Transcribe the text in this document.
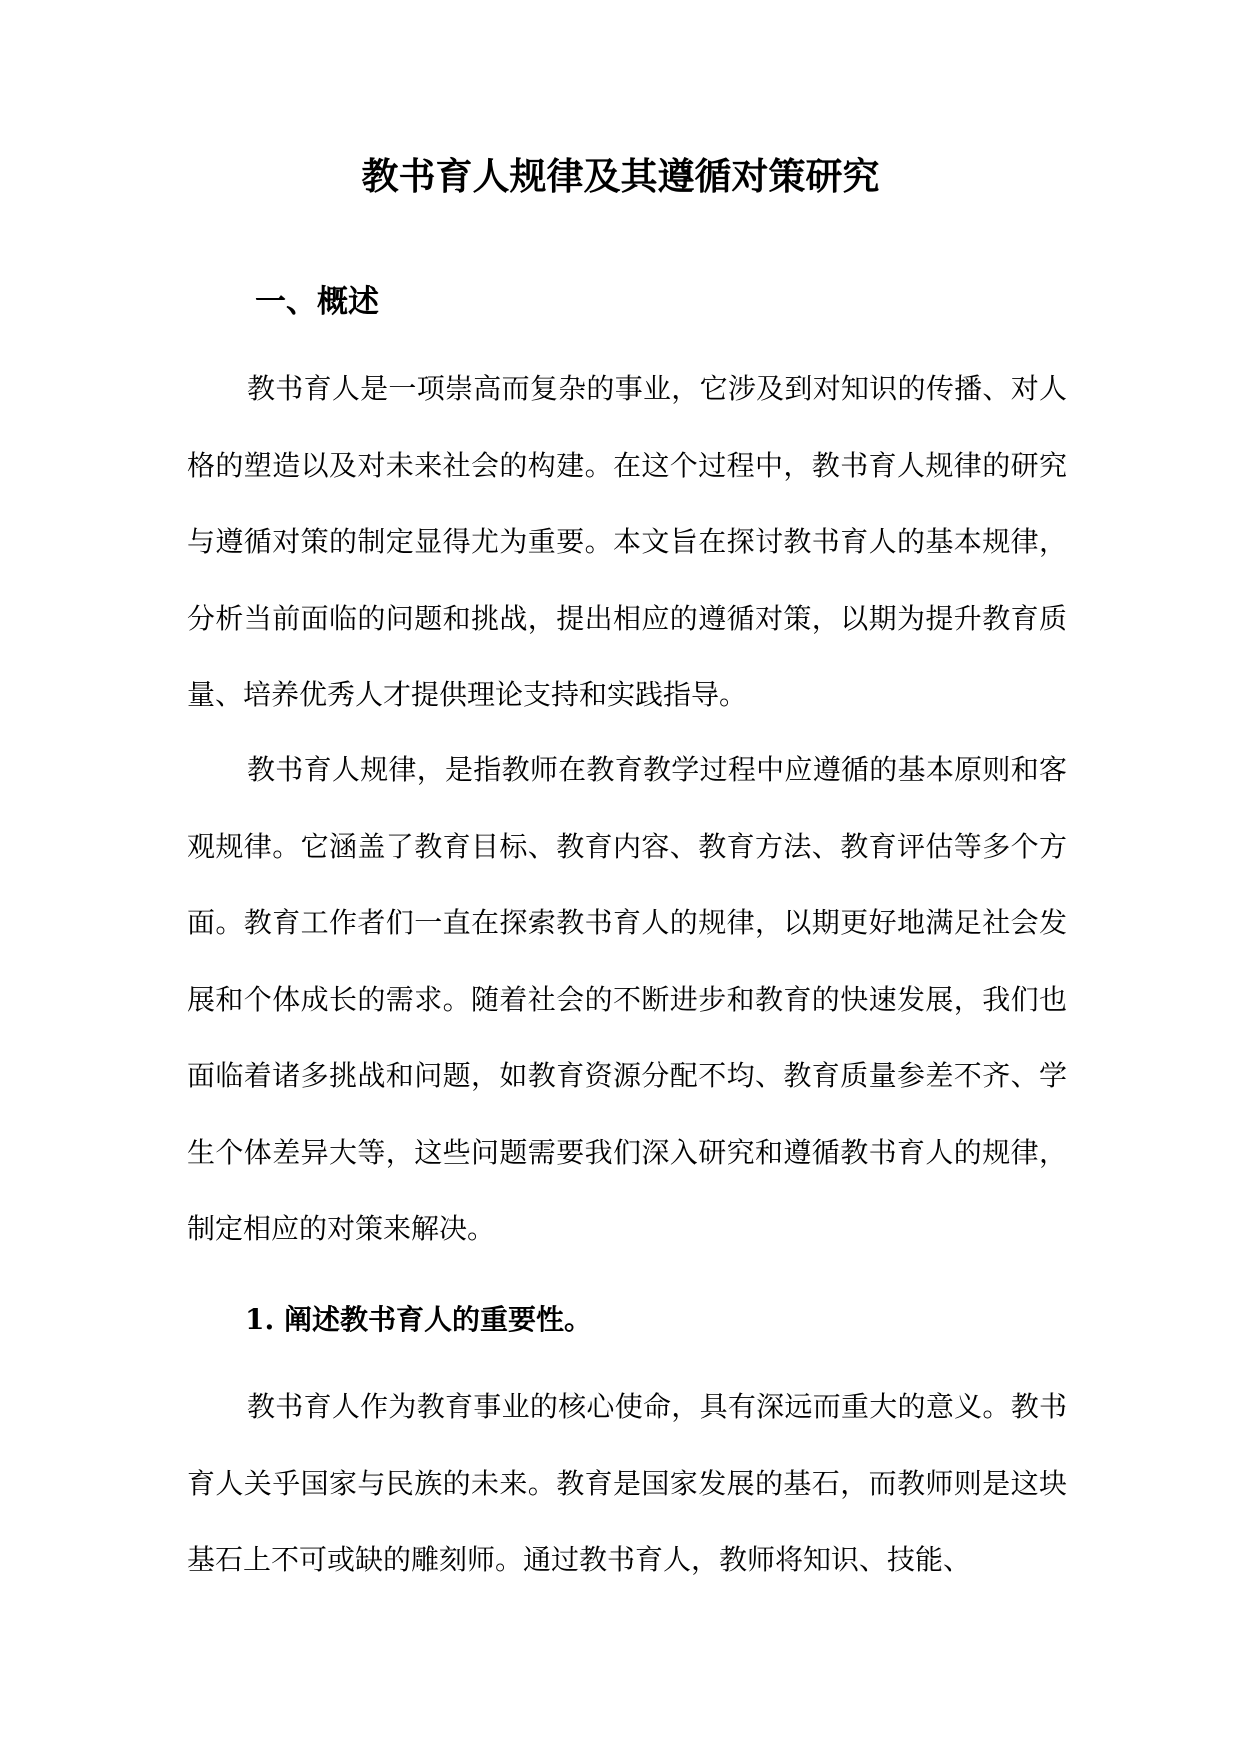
教书育人规律及其遵循对策研究
一、概述

教书育人是一项崇高而复杂的事业，它涉及到对知识的传播、对人格的塑造以及对未来社会的构建。在这个过程中，教书育人规律的研究与遵循对策的制定显得尤为重要。本文旨在探讨教书育人的基本规律，分析当前面临的问题和挑战，提出相应的遵循对策，以期为提升教育质量、培养优秀人才提供理论支持和实践指导。

教书育人规律，是指教师在教育教学过程中应遵循的基本原则和客观规律。它涵盖了教育目标、教育内容、教育方法、教育评估等多个方面。教育工作者们一直在探索教书育人的规律，以期更好地满足社会发展和个体成长的需求。随着社会的不断进步和教育的快速发展，我们也面临着诸多挑战和问题，如教育资源分配不均、教育质量参差不齐、学生个体差异大等，这些问题需要我们深入研究和遵循教书育人的规律，制定相应的对策来解决。

1. 阐述教书育人的重要性。

教书育人作为教育事业的核心使命，具有深远而重大的意义。教书育人关乎国家与民族的未来。教育是国家发展的基石，而教师则是这块基石上不可或缺的雕刻师。通过教书育人，教师将知识、技能、
